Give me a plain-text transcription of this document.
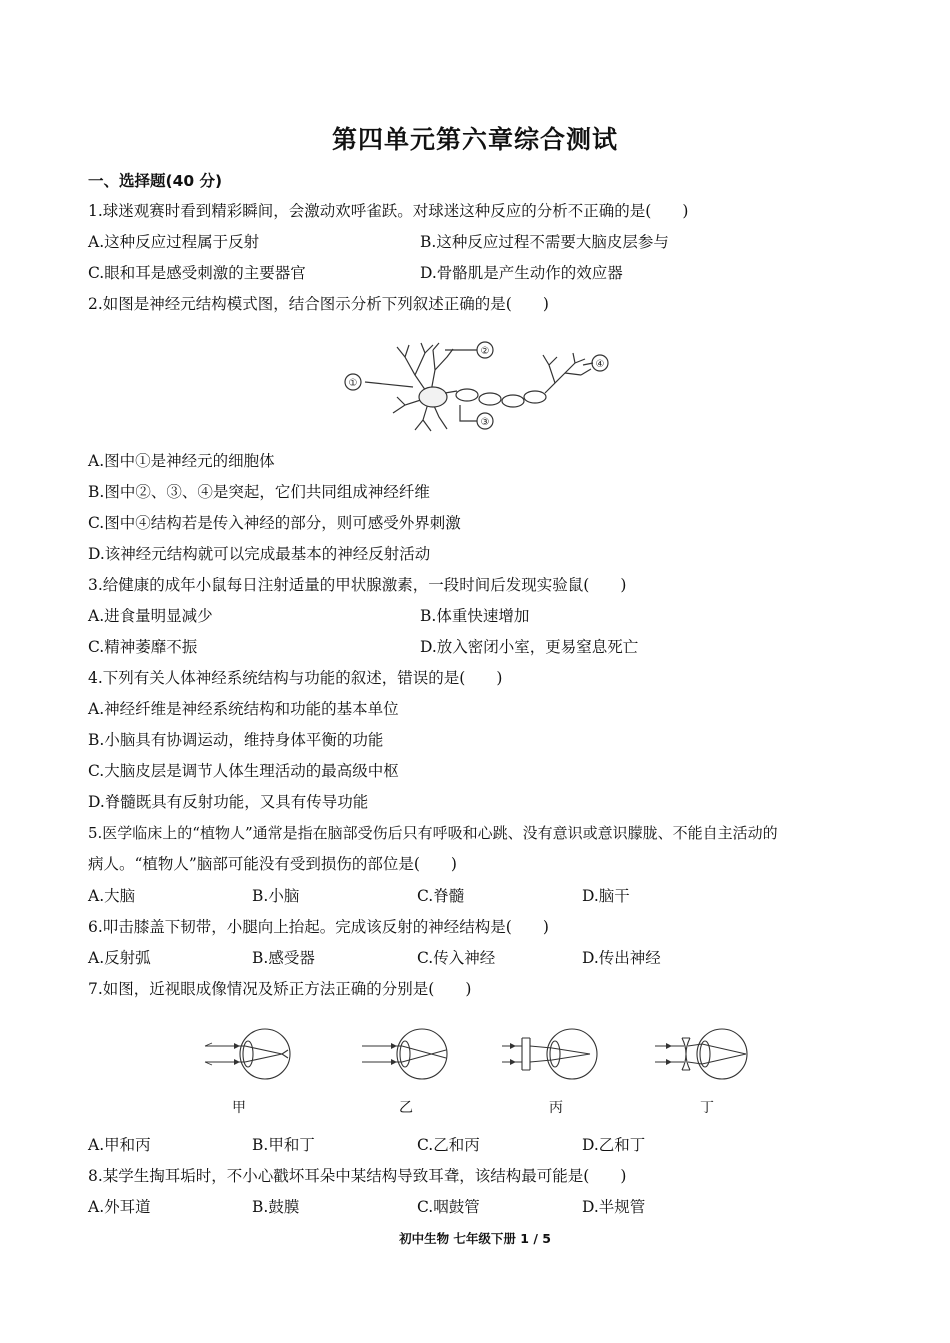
第四单元第六章综合测试
一、选择题(40 分)
1.球迷观赛时看到精彩瞬间，会激动欢呼雀跃。对球迷这种反应的分析不正确的是(　　)
A.这种反应过程属于反射	B.这种反应过程不需要大脑皮层参与
C.眼和耳是感受刺激的主要器官	D.骨骼肌是产生动作的效应器
2.如图是神经元结构模式图，结合图示分析下列叙述正确的是(　　)
①
②
③
④
A.图中①是神经元的细胞体
B.图中②、③、④是突起，它们共同组成神经纤维
C.图中④结构若是传入神经的部分，则可感受外界刺激
D.该神经元结构就可以完成最基本的神经反射活动
3.给健康的成年小鼠每日注射适量的甲状腺激素，一段时间后发现实验鼠(　　)
A.进食量明显减少	B.体重快速增加
C.精神萎靡不振	D.放入密闭小室，更易窒息死亡
4.下列有关人体神经系统结构与功能的叙述，错误的是(　　)
A.神经纤维是神经系统结构和功能的基本单位
B.小脑具有协调运动，维持身体平衡的功能
C.大脑皮层是调节人体生理活动的最高级中枢
D.脊髓既具有反射功能，又具有传导功能
5.医学临床上的“植物人”通常是指在脑部受伤后只有呼吸和心跳、没有意识或意识朦胧、不能自主活动的
病人。“植物人”脑部可能没有受到损伤的部位是(　　)
A.大脑	B.小脑	C.脊髓	D.脑干
6.叩击膝盖下韧带，小腿向上抬起。完成该反射的神经结构是(　　)
A.反射弧	B.感受器	C.传入神经	D.传出神经
7.如图，近视眼成像情况及矫正方法正确的分别是(　　)
甲	乙	丙	丁
A.甲和丙	B.甲和丁	C.乙和丙	D.乙和丁
8.某学生掏耳垢时，不小心戳坏耳朵中某结构导致耳聋，该结构最可能是(　　)
A.外耳道	B.鼓膜	C.咽鼓管	D.半规管
初中生物 七年级下册 1 / 5
